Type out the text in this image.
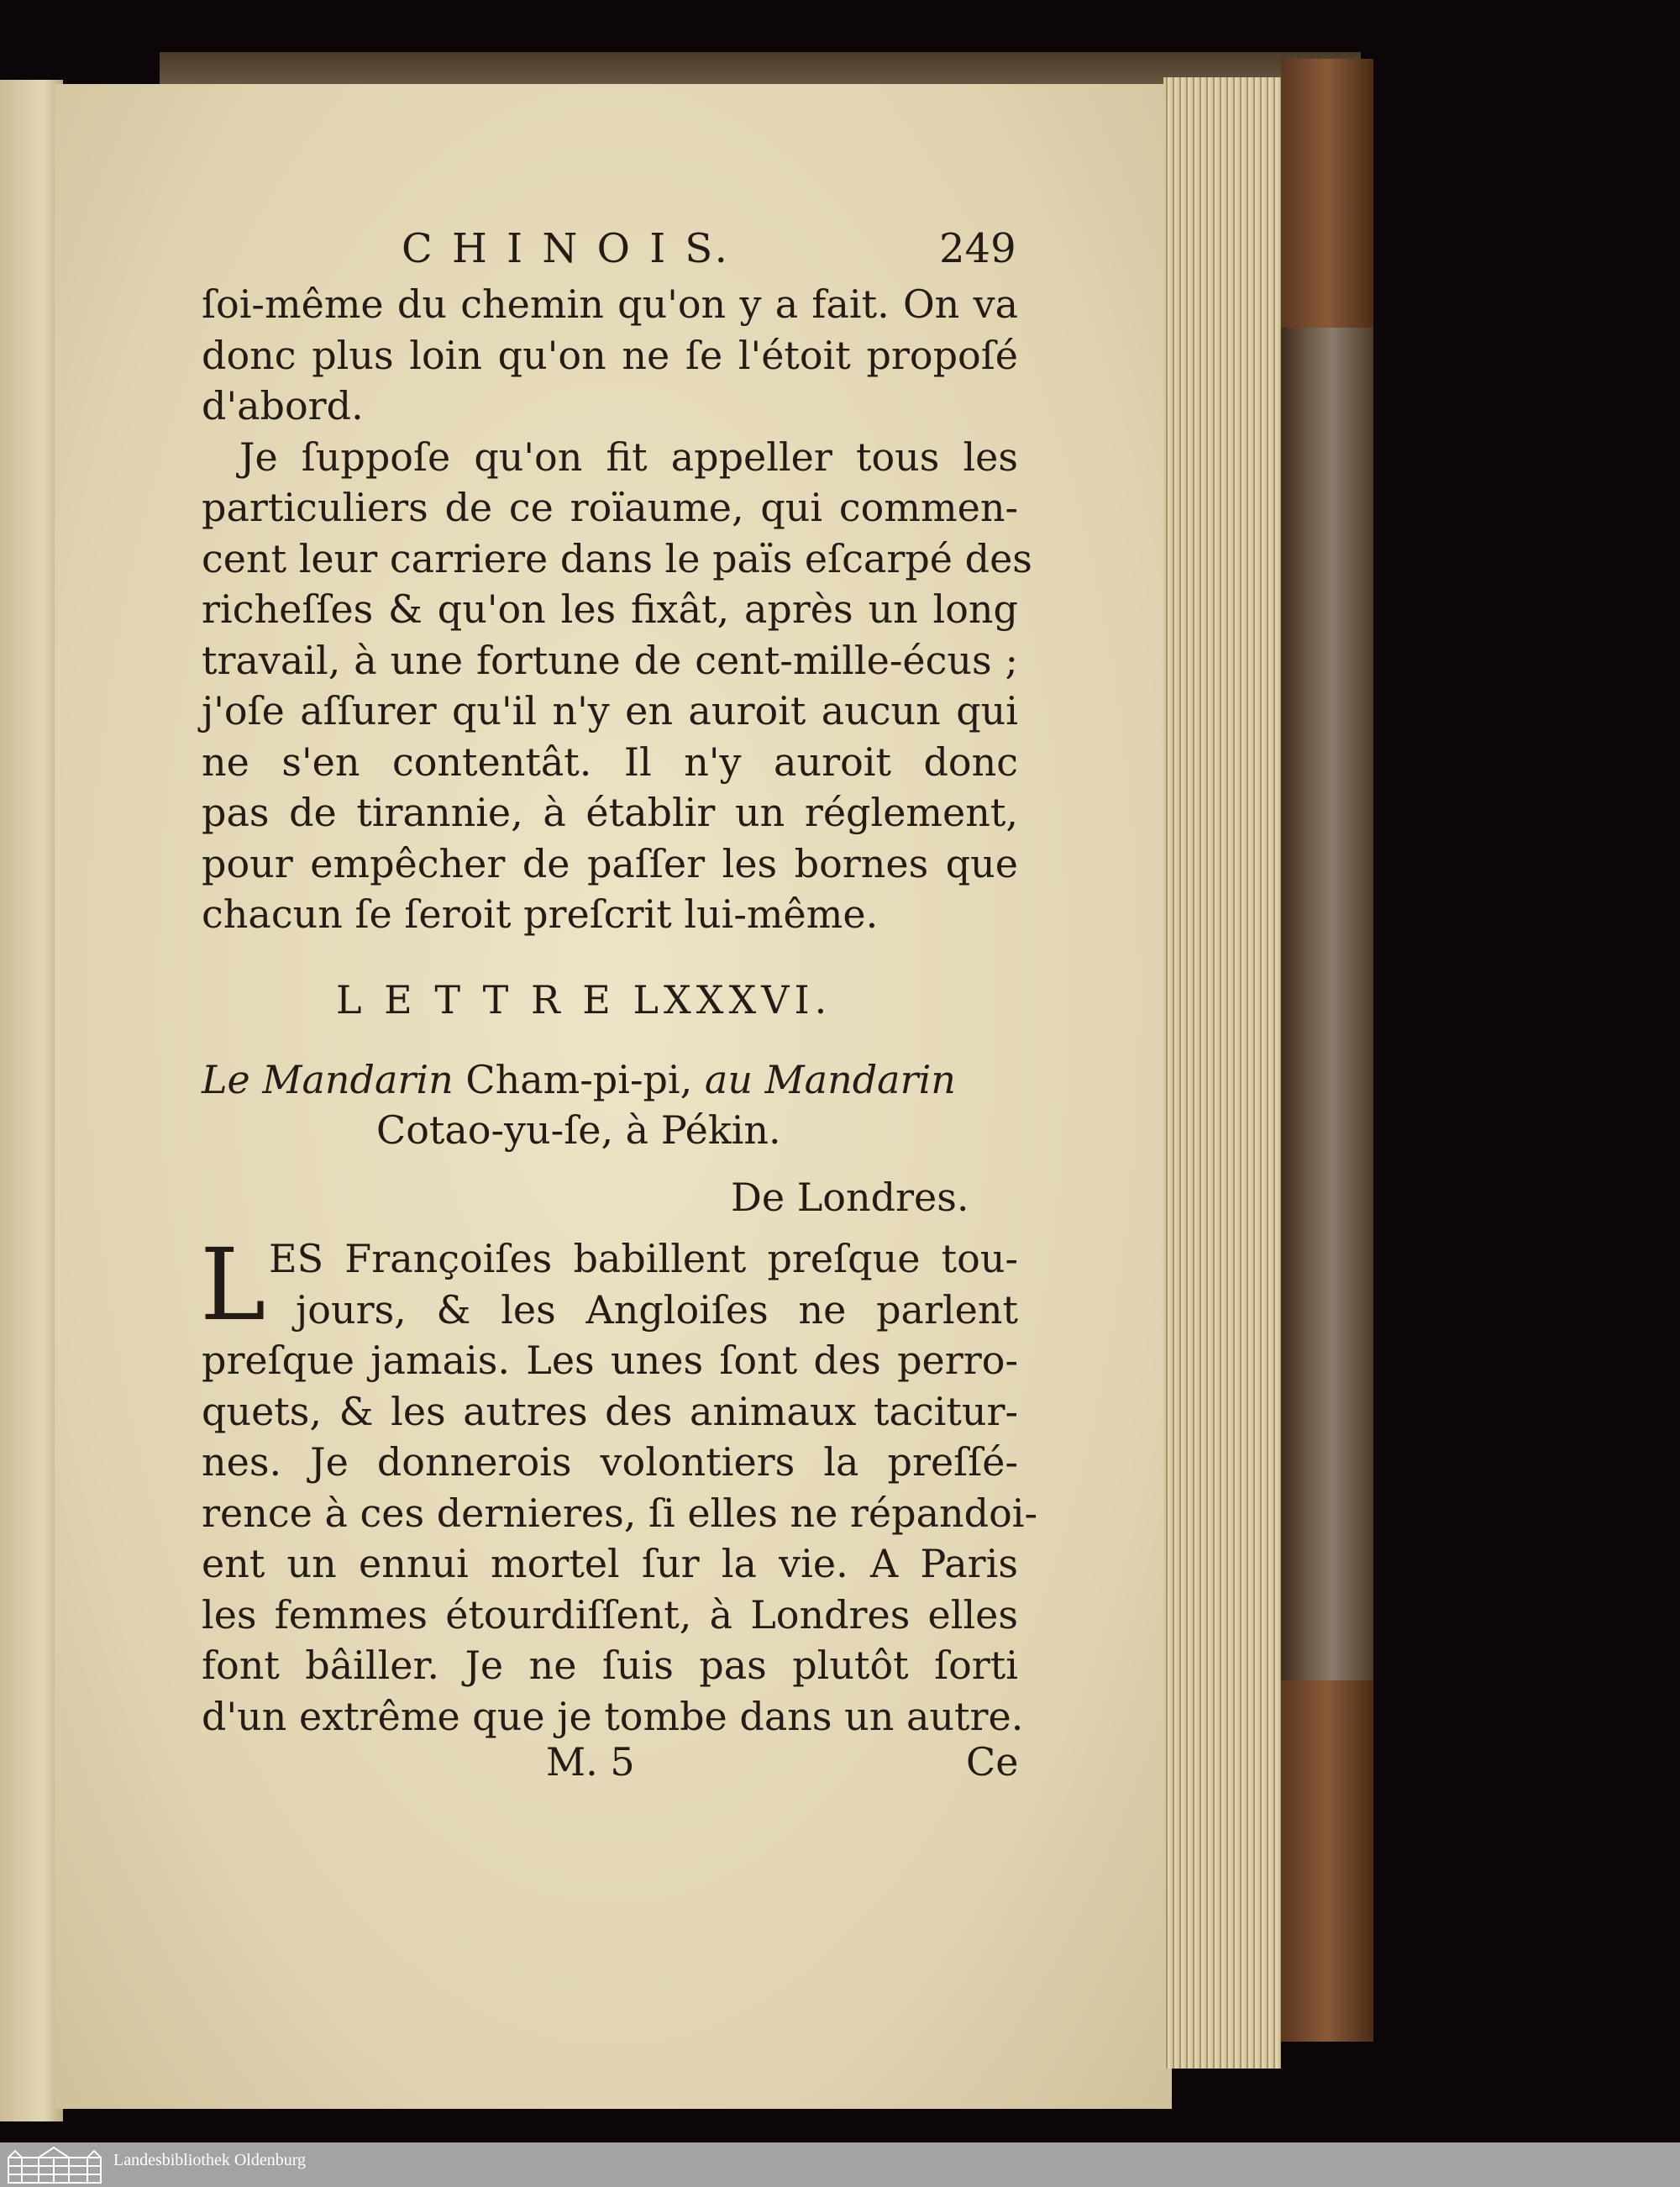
C H I N O I S.	249
ſoi-même du chemin qu'on y a fait. On va
donc plus loin qu'on ne ſe l'étoit propoſé
d'abord.
Je ſuppoſe qu'on fit appeller tous les
particuliers de ce roïaume, qui commen-
cent leur carriere dans le païs eſcarpé des
richeſſes & qu'on les fixât, après un long
travail, à une fortune de cent-mille-écus ;
j'oſe aſſurer qu'il n'y en auroit aucun qui
ne s'en contentât. Il n'y auroit donc
pas de tirannie, à établir un réglement,
pour empêcher de paſſer les bornes que
chacun ſe ſeroit preſcrit lui-même.
ES Françoiſes babillent preſque tou-
jours, & les Angloiſes ne parlent
preſque jamais. Les unes ſont des perro-
quets, & les autres des animaux tacitur-
nes. Je donnerois volontiers la preſſé-
rence à ces dernieres, ſi elles ne répandoi-
ent un ennui mortel ſur la vie. A Paris
les femmes étourdiſſent, à Londres elles
font bâiller. Je ne ſuis pas plutôt ſorti
d'un extrême que je tombe dans un autre.
L E T T R E LXXXVI.
Le Mandarin Cham-pi-pi, au Mandarin
Cotao-yu-ſe, à Pékin.
De Londres.
L
M. 5	Ce
Landesbibliothek Oldenburg
